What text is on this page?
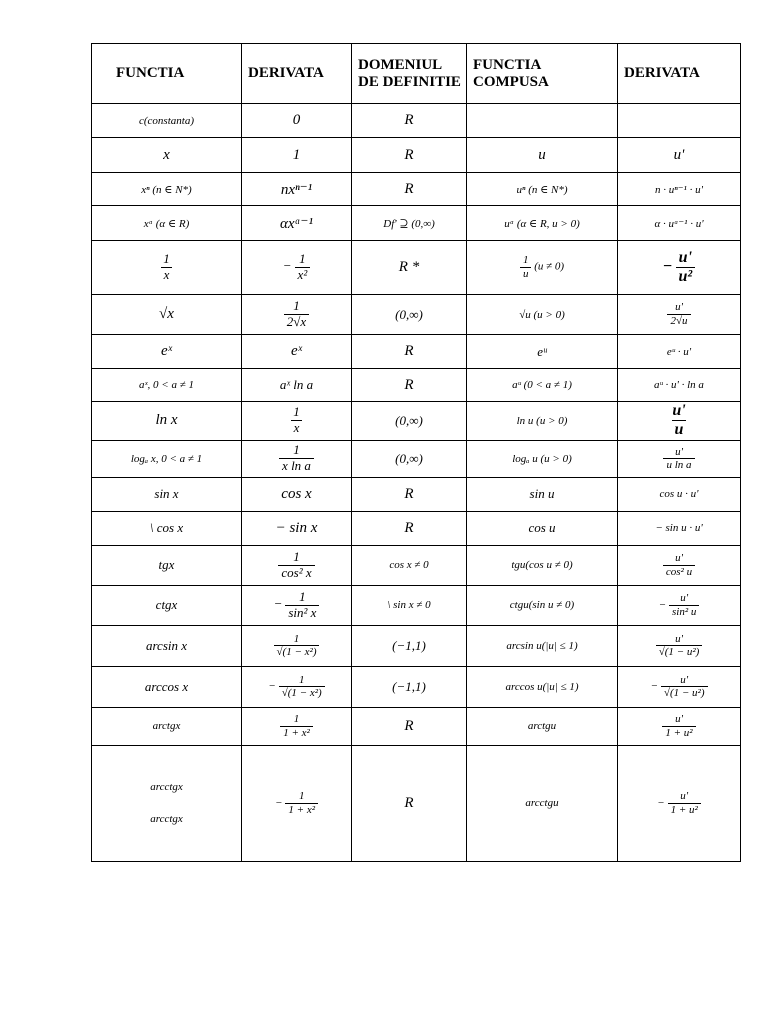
FUNCTIA	DERIVATA	DOMENIUL DE DEFINITIE	FUNCTIA COMPUSA	DERIVATA
c(constanta)	0	R		
x	1	R	u	u'
xⁿ (n ∈ N*)	nxⁿ⁻¹	R	uⁿ (n ∈ N*)	n · uⁿ⁻¹ · u'
xᵅ (α ∈ R)	αxᵅ⁻¹	Df' ⊇ (0,∞)	uᵅ (α ∈ R, u > 0)	α · uᵅ⁻¹ · u'

$\frac{1}{x}$	− $\frac{1}{\text{x²}}$	R *	$\frac{1}{u} (u \ne 0)$	− $\frac{u'}{\text{u²}}$

√x	$\frac{1}{2√x}$	(0,∞)	√u (u > 0)	$\frac{u'}{2√u}$

eˣ	eˣ	R	eᵘ	eᵘ · u'
aˣ, 0 < a ≠ 1	aˣ ln a	R	aᵘ (0 < a ≠ 1)	aᵘ · u' · ln a
ln x	$\frac{1}{x}$	(0,∞)	ln u (u > 0)	$\frac{u'}{u}$

logₐ x, 0 < a ≠ 1	$\frac{1}{\text{x ln a}}$	(0,∞)	logₐ u (u > 0)	$\frac{u'}{\text{u ln a}}$

sin x	cos x	R	sin u	cos u · u'
\ cos x	− sin x	R	cos u	− sin u · u'
tgx	$\frac{1}{\text{cos² x}}$	cos x ≠ 0	tgu(cos u ≠ 0)	$\frac{u'}{\text{cos² u}}$

ctgx	− $\frac{1}{\text{sin² x}}$	\ sin x ≠ 0	ctgu(sin u ≠ 0)	− $\frac{u'}{\text{sin² u}}$

arcsin x	$\frac{1}{\text{√(1 − x²)}}$	(−1,1)	arcsin u(|u| ≤ 1)	$\frac{u'}{\text{√(1 − u²)}}$

arccos x	− $\frac{1}{\text{√(1 − x²)}}$	(−1,1)	arccos u(|u| ≤ 1)	− $\frac{u'}{\text{√(1 − u²)}}$

arctgx	$\frac{1}{\text{1 + x²}}$	R	arctgu	$\frac{u'}{\text{1 + u²}}$

arcctgx
arcctgx	− $\frac{1}{\text{1 + x²}}$	R	arcctgu	− $\frac{u'}{\text{1 + u²}}$
